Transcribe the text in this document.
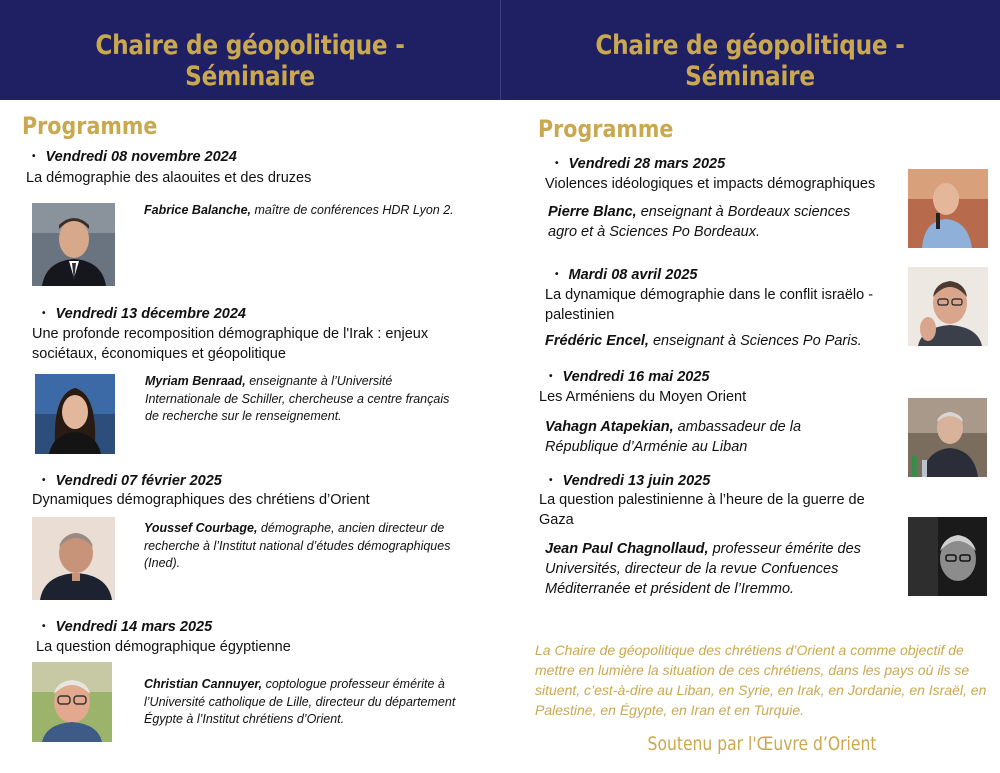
Chaire de géopolitique - Séminaire
Chaire de géopolitique - Séminaire
Programme
• Vendredi 08 novembre 2024
La démographie des alaouites et des druzes
Fabrice Balanche, maître de conférences HDR Lyon 2.
• Vendredi 13 décembre 2024
Une profonde recomposition démographique de l'Irak : enjeux sociétaux, économiques et géopolitique
Myriam Benraad, enseignante à l’Université Internationale de Schiller, chercheuse a centre français de recherche sur le renseignement.
• Vendredi 07 février 2025
Dynamiques démographiques des chrétiens d’Orient
Youssef Courbage, démographe, ancien directeur de recherche à l’Institut national d’études démographiques (Ined).
• Vendredi 14 mars 2025
La question démographique égyptienne
Christian Cannuyer, coptologue professeur émérite à l’Université catholique de Lille, directeur du département Égypte à l’Institut chrétiens d’Orient.
Programme
• Vendredi 28 mars 2025
Violences idéologiques et impacts démographiques
Pierre Blanc, enseignant à Bordeaux sciences agro et à Sciences Po Bordeaux.
• Mardi 08 avril 2025
La dynamique démographie dans le conflit israëlo - palestinien
Frédéric Encel, enseignant à Sciences Po Paris.
• Vendredi 16 mai 2025
Les Arméniens du Moyen Orient
Vahagn Atapekian, ambassadeur de la République d’Arménie au Liban
• Vendredi 13 juin 2025
La question palestinienne à l’heure de la guerre de Gaza
Jean Paul Chagnollaud, professeur émérite des Universités, directeur de la revue Confuences Méditerranée et président de l’Iremmo.
La Chaire de géopolitique des chrétiens d’Orient a comme objectif de mettre en lumière la situation de ces chrétiens, dans les pays où ils se situent, c’est-à-dire au Liban, en Syrie, en Irak, en Jordanie, en Israël, en Palestine, en Égypte, en Iran et en Turquie.
Soutenu par l'Œuvre d’Orient
